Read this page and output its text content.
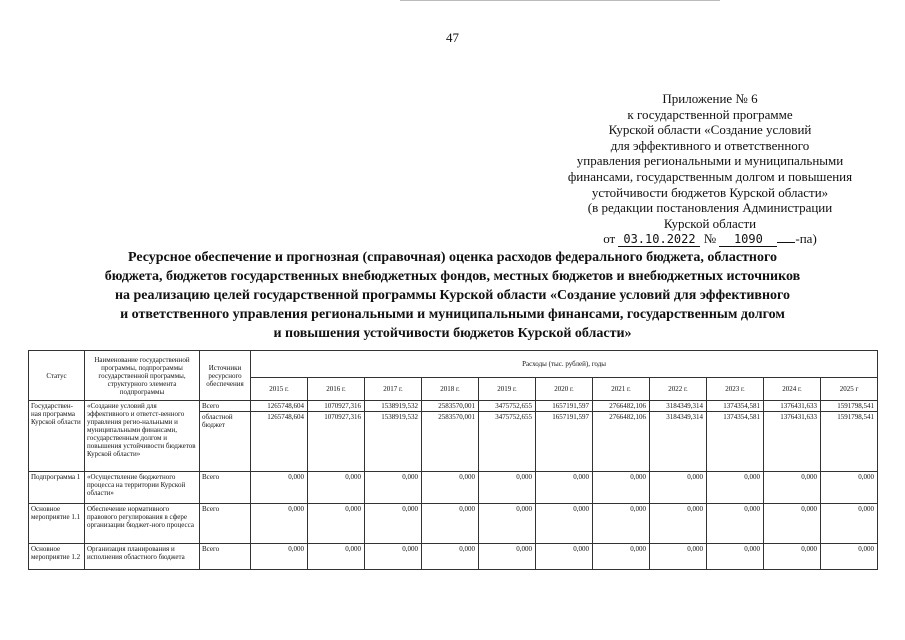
47
Приложение № 6
к государственной программе
Курской области «Создание условий
для эффективного и ответственного
управления региональными и муниципальными
финансами, государственным долгом и повышения
устойчивости бюджетов Курской области»
(в редакции постановления Администрации
Курской области
от 03.10.2022 № 1090	-па)
Ресурсное обеспечение и прогнозная (справочная) оценка расходов федерального бюджета, областного
бюджета, бюджетов государственных внебюджетных фондов, местных бюджетов и внебюджетных источников
на реализацию целей государственной программы Курской области «Создание условий для эффективного
и ответственного управления региональными и муниципальными финансами, государственным долгом
и повышения устойчивости бюджетов Курской области»
Статус	Наименование государственной программы, подпрограммы государственной программы, структурного элемента подпрограммы	Источники ресурсного обеспечения	Расходы (тыс. рублей), годы										
			2015 г.	2016 г.	2017 г.	2018 г.	2019 г.	2020 г.	2021 г.	2022 г.	2023 г.	2024 г.	2025 г
Государствен-ная программа Курской области	«Создание условий для эффективного и ответст-венного управления регио-нальными и муниципальными финансами, государственным долгом и повышения устойчивости бюджетов Курской области»	Всего	1265748,604	1070927,316	1538919,532	2583570,001	3475752,655	1657191,597	2766482,106	3184349,314	1374354,581	1376431,633	1591798,541
		областной бюджет	1265748,604	1070927,316	1538919,532	2583570,001	3475752,655	1657191,597	2766482,106	3184349,314	1374354,581	1376431,633	1591798,541
Подпрограмма 1	«Осуществление бюджетного процесса на территории Курской области»	Всего	0,000	0,000	0,000	0,000	0,000	0,000	0,000	0,000	0,000	0,000	0,000
Основное мероприятие 1.1	Обеспечение нормативного правового регулирования в сфере организации бюджет-ного процесса	Всего	0,000	0,000	0,000	0,000	0,000	0,000	0,000	0,000	0,000	0,000	0,000
Основное мероприятие 1.2	Организация планирования и исполнения областного бюджета	Всего	0,000	0,000	0,000	0,000	0,000	0,000	0,000	0,000	0,000	0,000	0,000
